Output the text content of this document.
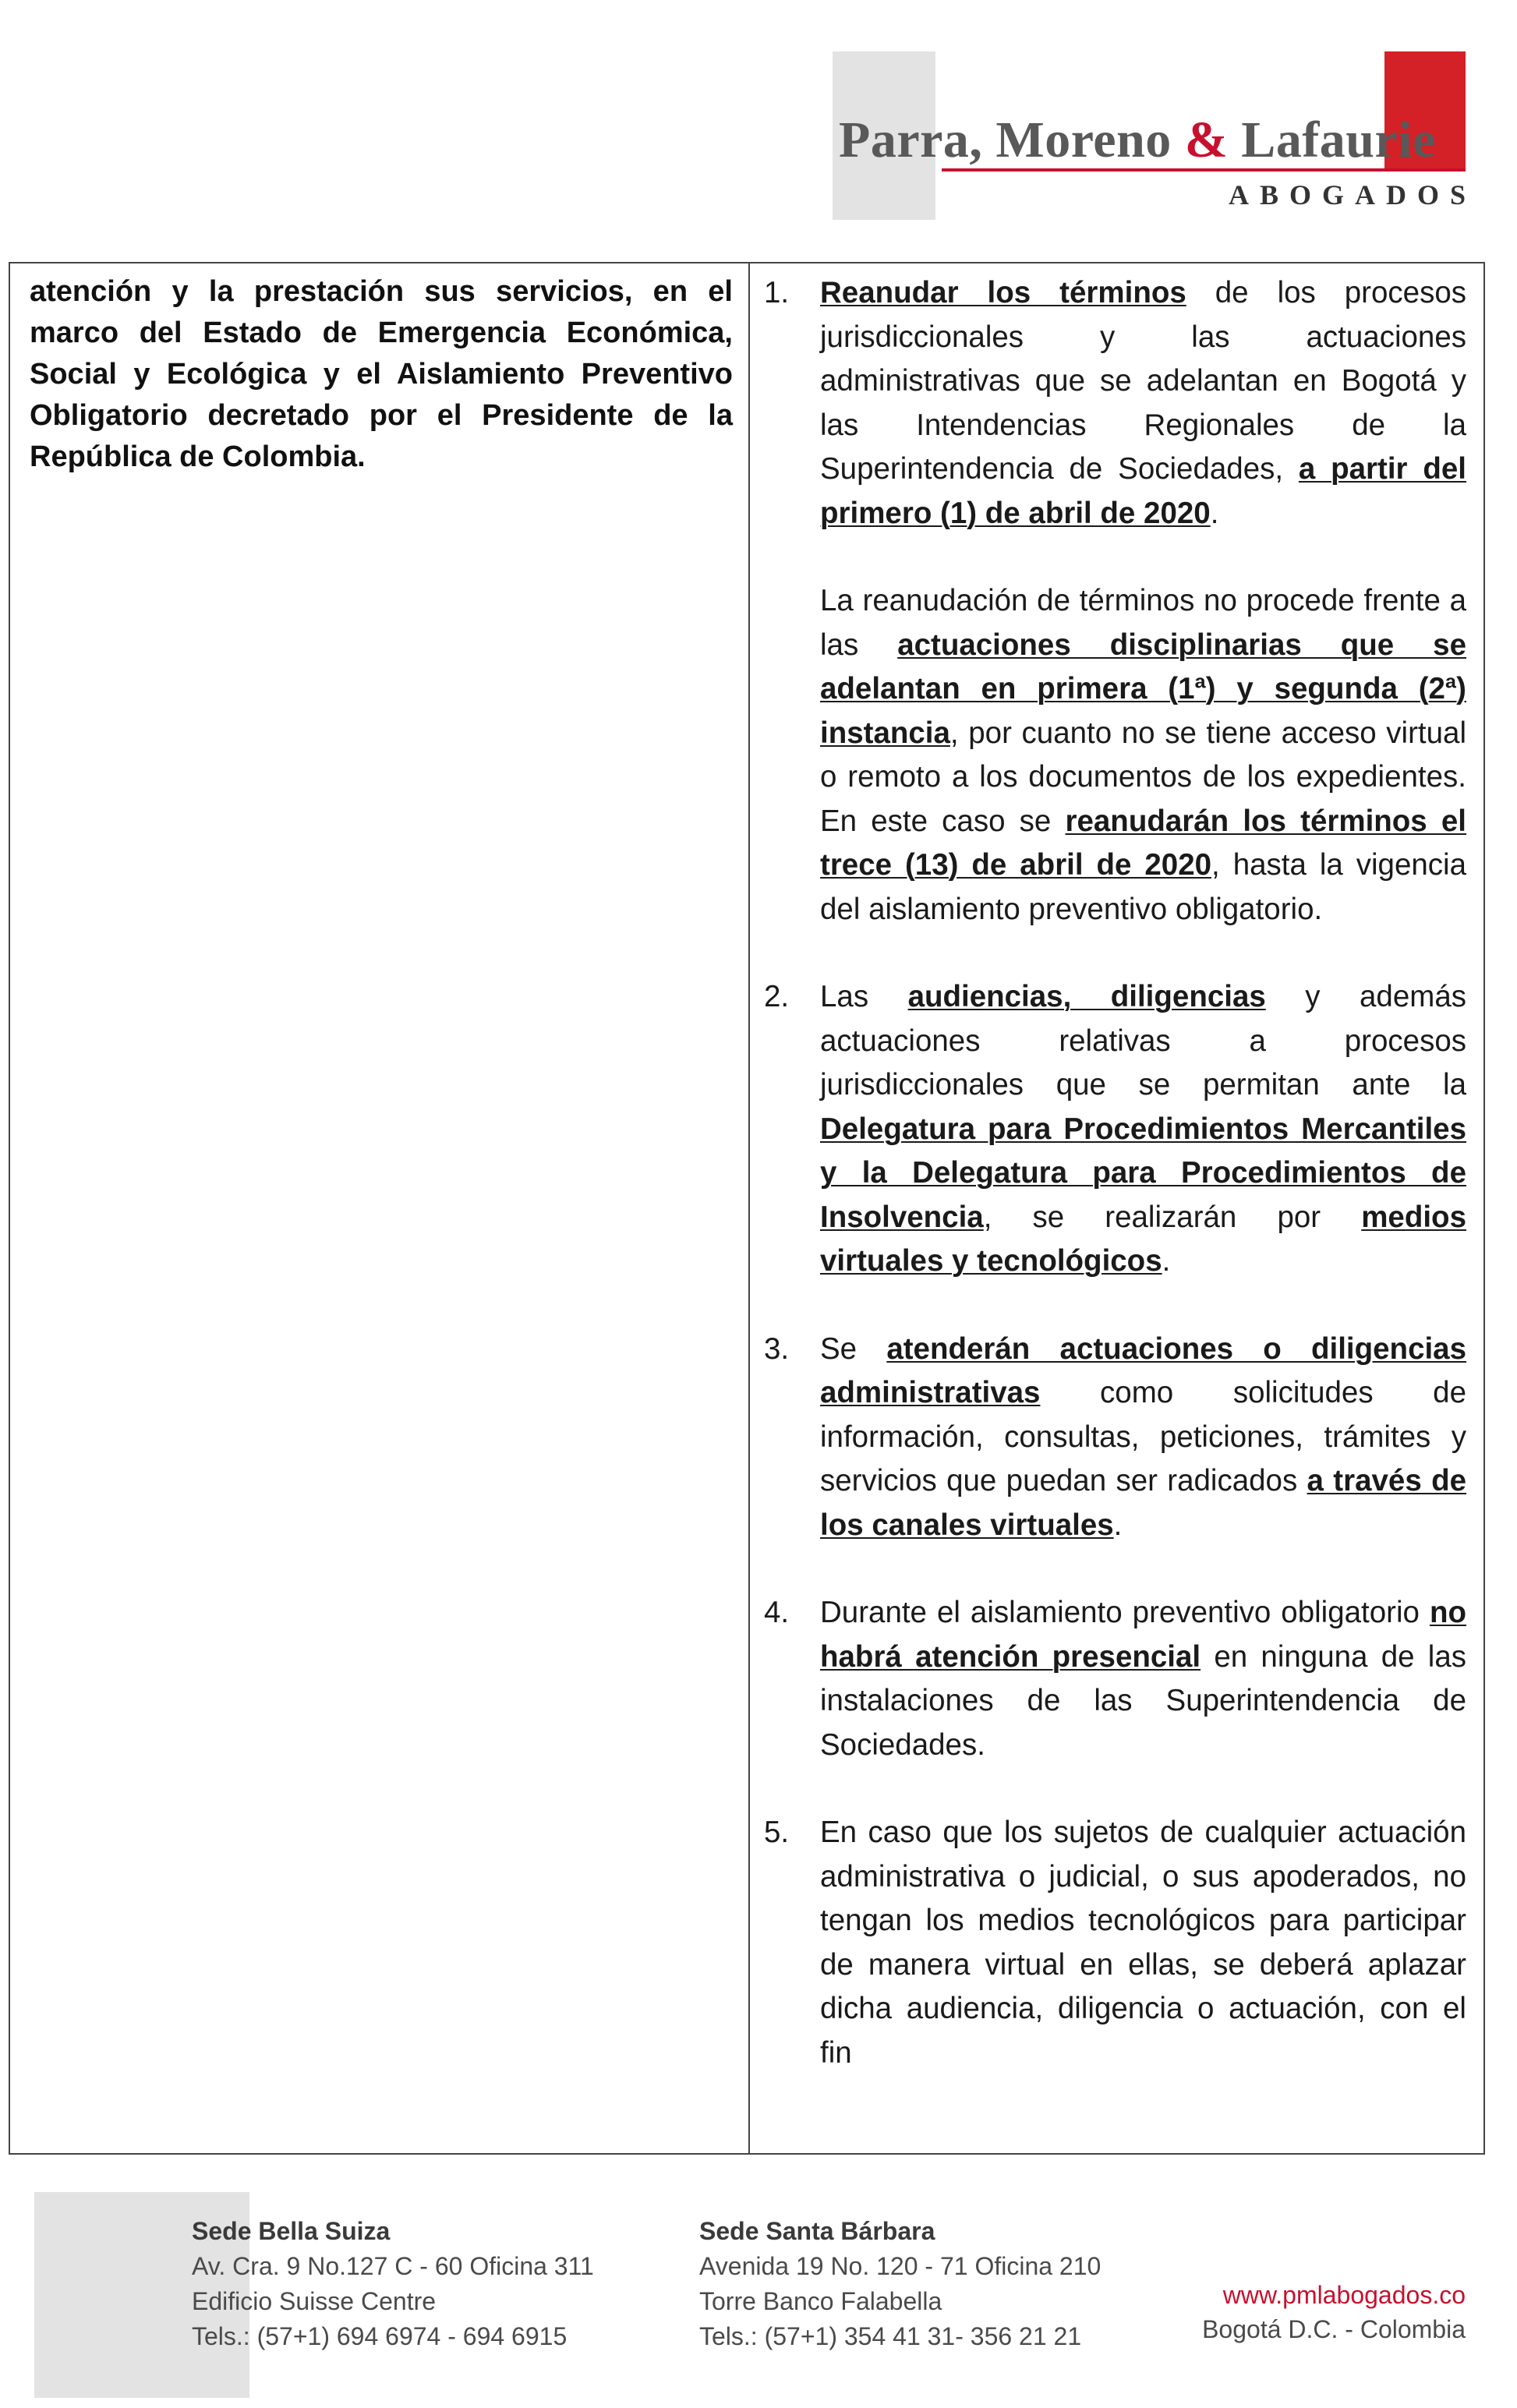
Parra, Moreno & Lafaurie
ABOGADOS

atención y la prestación sus servicios, en el marco del Estado de Emergencia Económica, Social y Ecológica y el Aislamiento Preventivo Obligatorio decretado por el Presidente de la República de Colombia.

1.	Reanudar los términos de los procesos jurisdiccionales y las actuaciones administrativas que se adelantan en Bogotá y las Intendencias Regionales de la Superintendencia de Sociedades, a partir del primero (1) de abril de 2020.

La reanudación de términos no procede frente a las actuaciones disciplinarias que se adelantan en primera (1ª) y segunda (2ª) instancia, por cuanto no se tiene acceso virtual o remoto a los documentos de los expedientes. En este caso se reanudarán los términos el trece (13) de abril de 2020, hasta la vigencia del aislamiento preventivo obligatorio.

2.	Las audiencias, diligencias y además actuaciones relativas a procesos jurisdiccionales que se permitan ante la Delegatura para Procedimientos Mercantiles y la Delegatura para Procedimientos de Insolvencia, se realizarán por medios virtuales y tecnológicos.

3.	Se atenderán actuaciones o diligencias administrativas como solicitudes de información, consultas, peticiones, trámites y servicios que puedan ser radicados a través de los canales virtuales.

4.	Durante el aislamiento preventivo obligatorio no habrá atención presencial en ninguna de las instalaciones de las Superintendencia de Sociedades.

5.	En caso que los sujetos de cualquier actuación administrativa o judicial, o sus apoderados, no tengan los medios tecnológicos para participar de manera virtual en ellas, se deberá aplazar dicha audiencia, diligencia o actuación, con el fin

Sede Bella Suiza
Av. Cra. 9 No.127 C - 60 Oficina 311
Edificio Suisse Centre
Tels.: (57+1) 694 6974 - 694 6915
Sede Santa Bárbara
Avenida 19 No. 120 - 71 Oficina 210
Torre Banco Falabella
Tels.: (57+1) 354 41 31- 356 21 21
www.pmlabogados.co
Bogotá D.C. - Colombia
